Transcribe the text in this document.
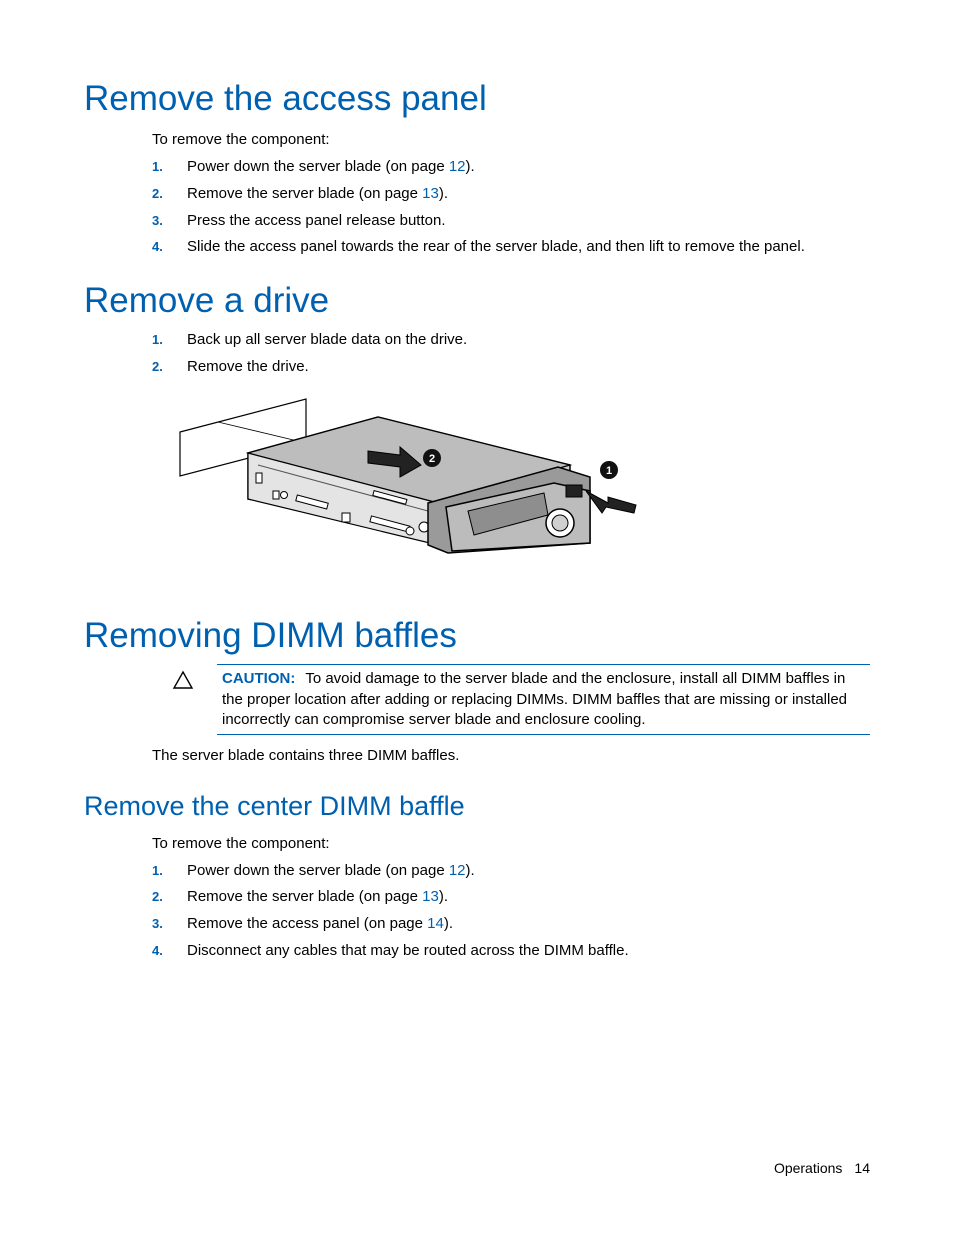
Remove the access panel

To remove the component:

1. Power down the server blade (on page 12).
2. Remove the server blade (on page 13).
3. Press the access panel release button.
4. Slide the access panel towards the rear of the server blade, and then lift to remove the panel.
Remove a drive
1. Back up all server blade data on the drive.
2. Remove the drive.
2
1
Removing DIMM baffles
CAUTION: To avoid damage to the server blade and the enclosure, install all DIMM baffles in the proper location after adding or replacing DIMMs. DIMM baffles that are missing or installed incorrectly can compromise server blade and enclosure cooling.

The server blade contains three DIMM baffles.

Remove the center DIMM baffle

To remove the component:

1. Power down the server blade (on page 12).
2. Remove the server blade (on page 13).
3. Remove the access panel (on page 14).
4. Disconnect any cables that may be routed across the DIMM baffle.
Operations 14
